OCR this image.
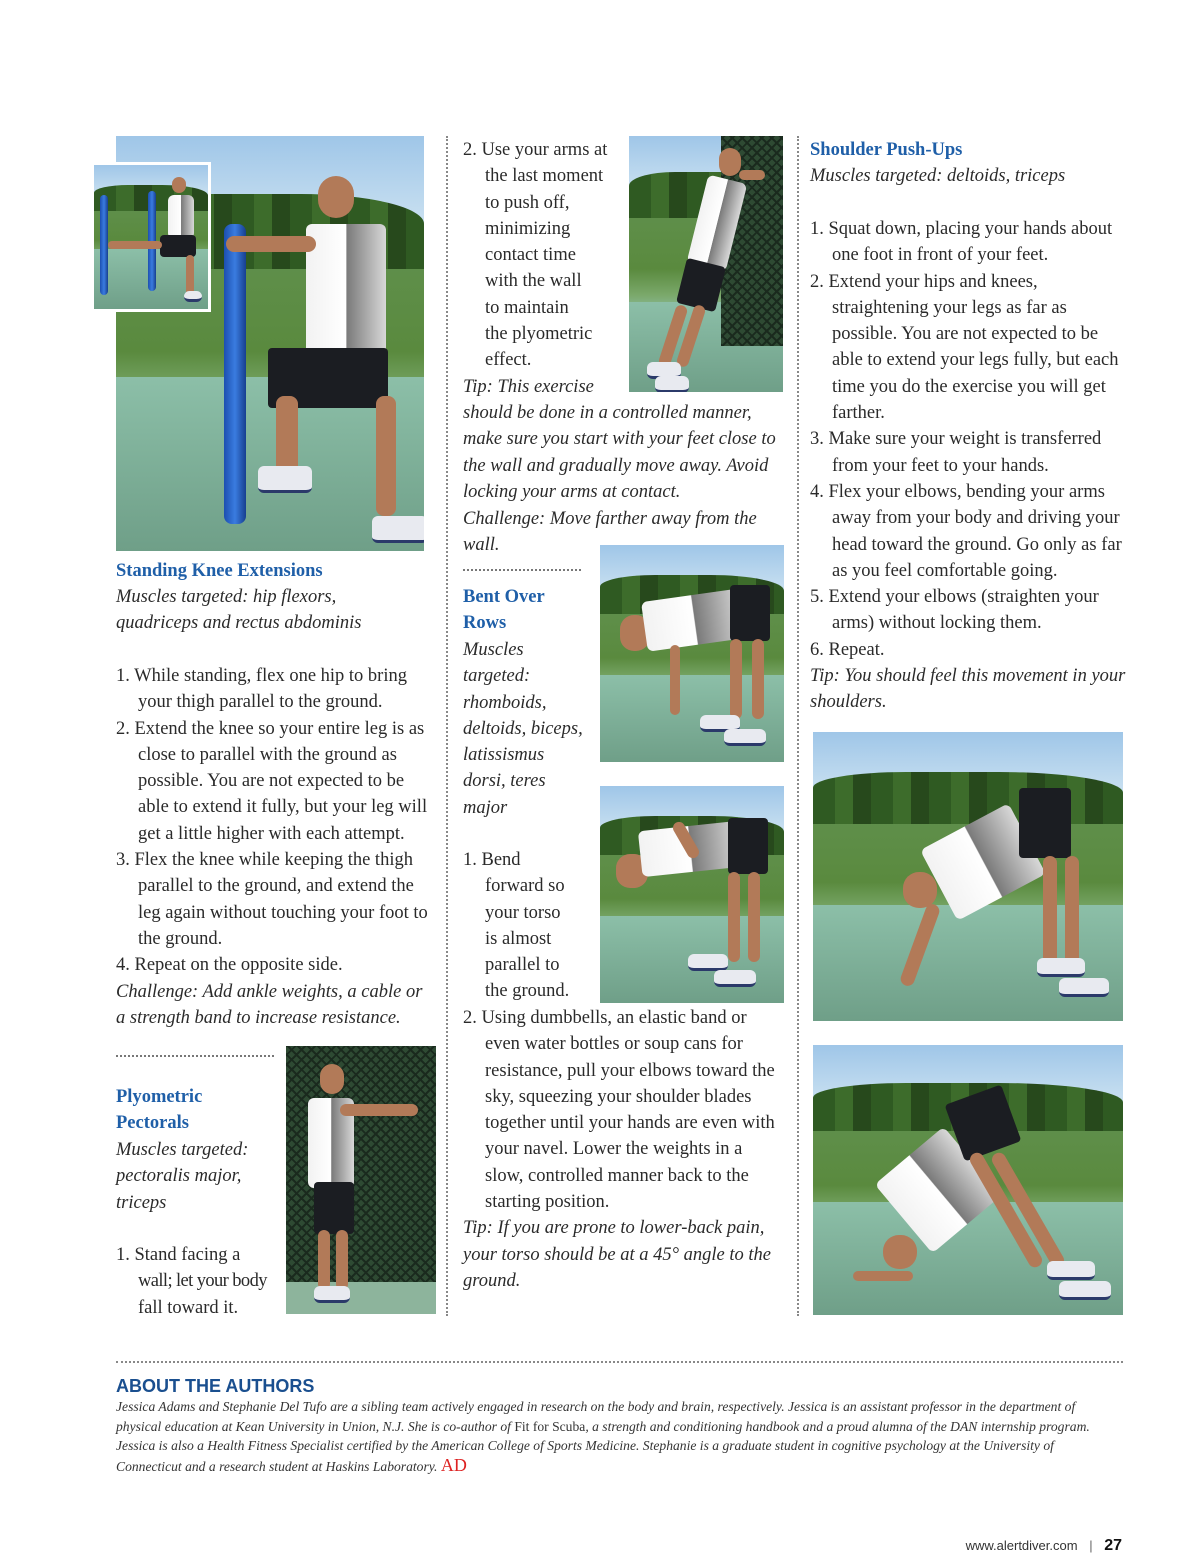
Standing Knee Extensions
Muscles targeted: hip flexors, quadriceps and rectus abdominis
1. While standing, flex one hip to bring your thigh parallel to the ground.
2. Extend the knee so your entire leg is as close to parallel with the ground as possible. You are not expected to be able to extend it fully, but your leg will get a little higher with each attempt.
3. Flex the knee while keeping the thigh parallel to the ground, and extend the leg again without touching your foot to the ground.
4. Repeat on the opposite side.
Challenge: Add ankle weights, a cable or a strength band to increase resistance.
Plyometric
Pectorals
Muscles targeted:
pectoralis major,
triceps
1. Stand facing a
wall; let your body
fall toward it.
2. Use your arms at
the last moment
to push off,
minimizing
contact time
with the wall
to maintain
the plyometric
effect.
Tip: This exercise
should be done in a controlled manner, make sure you start with your feet close to the wall and gradually move away. Avoid locking your arms at contact.
Challenge: Move farther away from the wall.
Bent Over
Rows
Muscles
targeted:
rhomboids,
deltoids, biceps,
latissismus
dorsi, teres
major
1. Bend
forward so
your torso
is almost
parallel to
the ground.
2. Using dumbbells, an elastic band or even water bottles or soup cans for resistance, pull your elbows toward the sky, squeezing your shoulder blades together until your hands are even with your navel. Lower the weights in a slow, controlled manner back to the starting position.
Tip: If you are prone to lower-back pain, your torso should be at a 45° angle to the ground.
Shoulder Push-Ups
Muscles targeted: deltoids, triceps
1. Squat down, placing your hands about one foot in front of your feet.
2. Extend your hips and knees, straightening your legs as far as possible. You are not expected to be able to extend your legs fully, but each time you do the exercise you will get farther.
3. Make sure your weight is transferred from your feet to your hands.
4. Flex your elbows, bending your arms away from your body and driving your head toward the ground. Go only as far as you feel comfortable going.
5. Extend your elbows (straighten your arms) without locking them.
6. Repeat.
Tip: You should feel this movement in your shoulders.
ABOUT THE AUTHORS
Jessica Adams and Stephanie Del Tufo are a sibling team actively engaged in research on the body and brain, respectively. Jessica is an assistant professor in the department of physical education at Kean University in Union, N.J. She is co-author of Fit for Scuba, a strength and conditioning handbook and a proud alumna of the DAN internship program. Jessica is also a Health Fitness Specialist certified by the American College of Sports Medicine. Stephanie is a graduate student in cognitive psychology at the University of Connecticut and a research student at Haskins Laboratory. AD
www.alertdiver.com | 27
